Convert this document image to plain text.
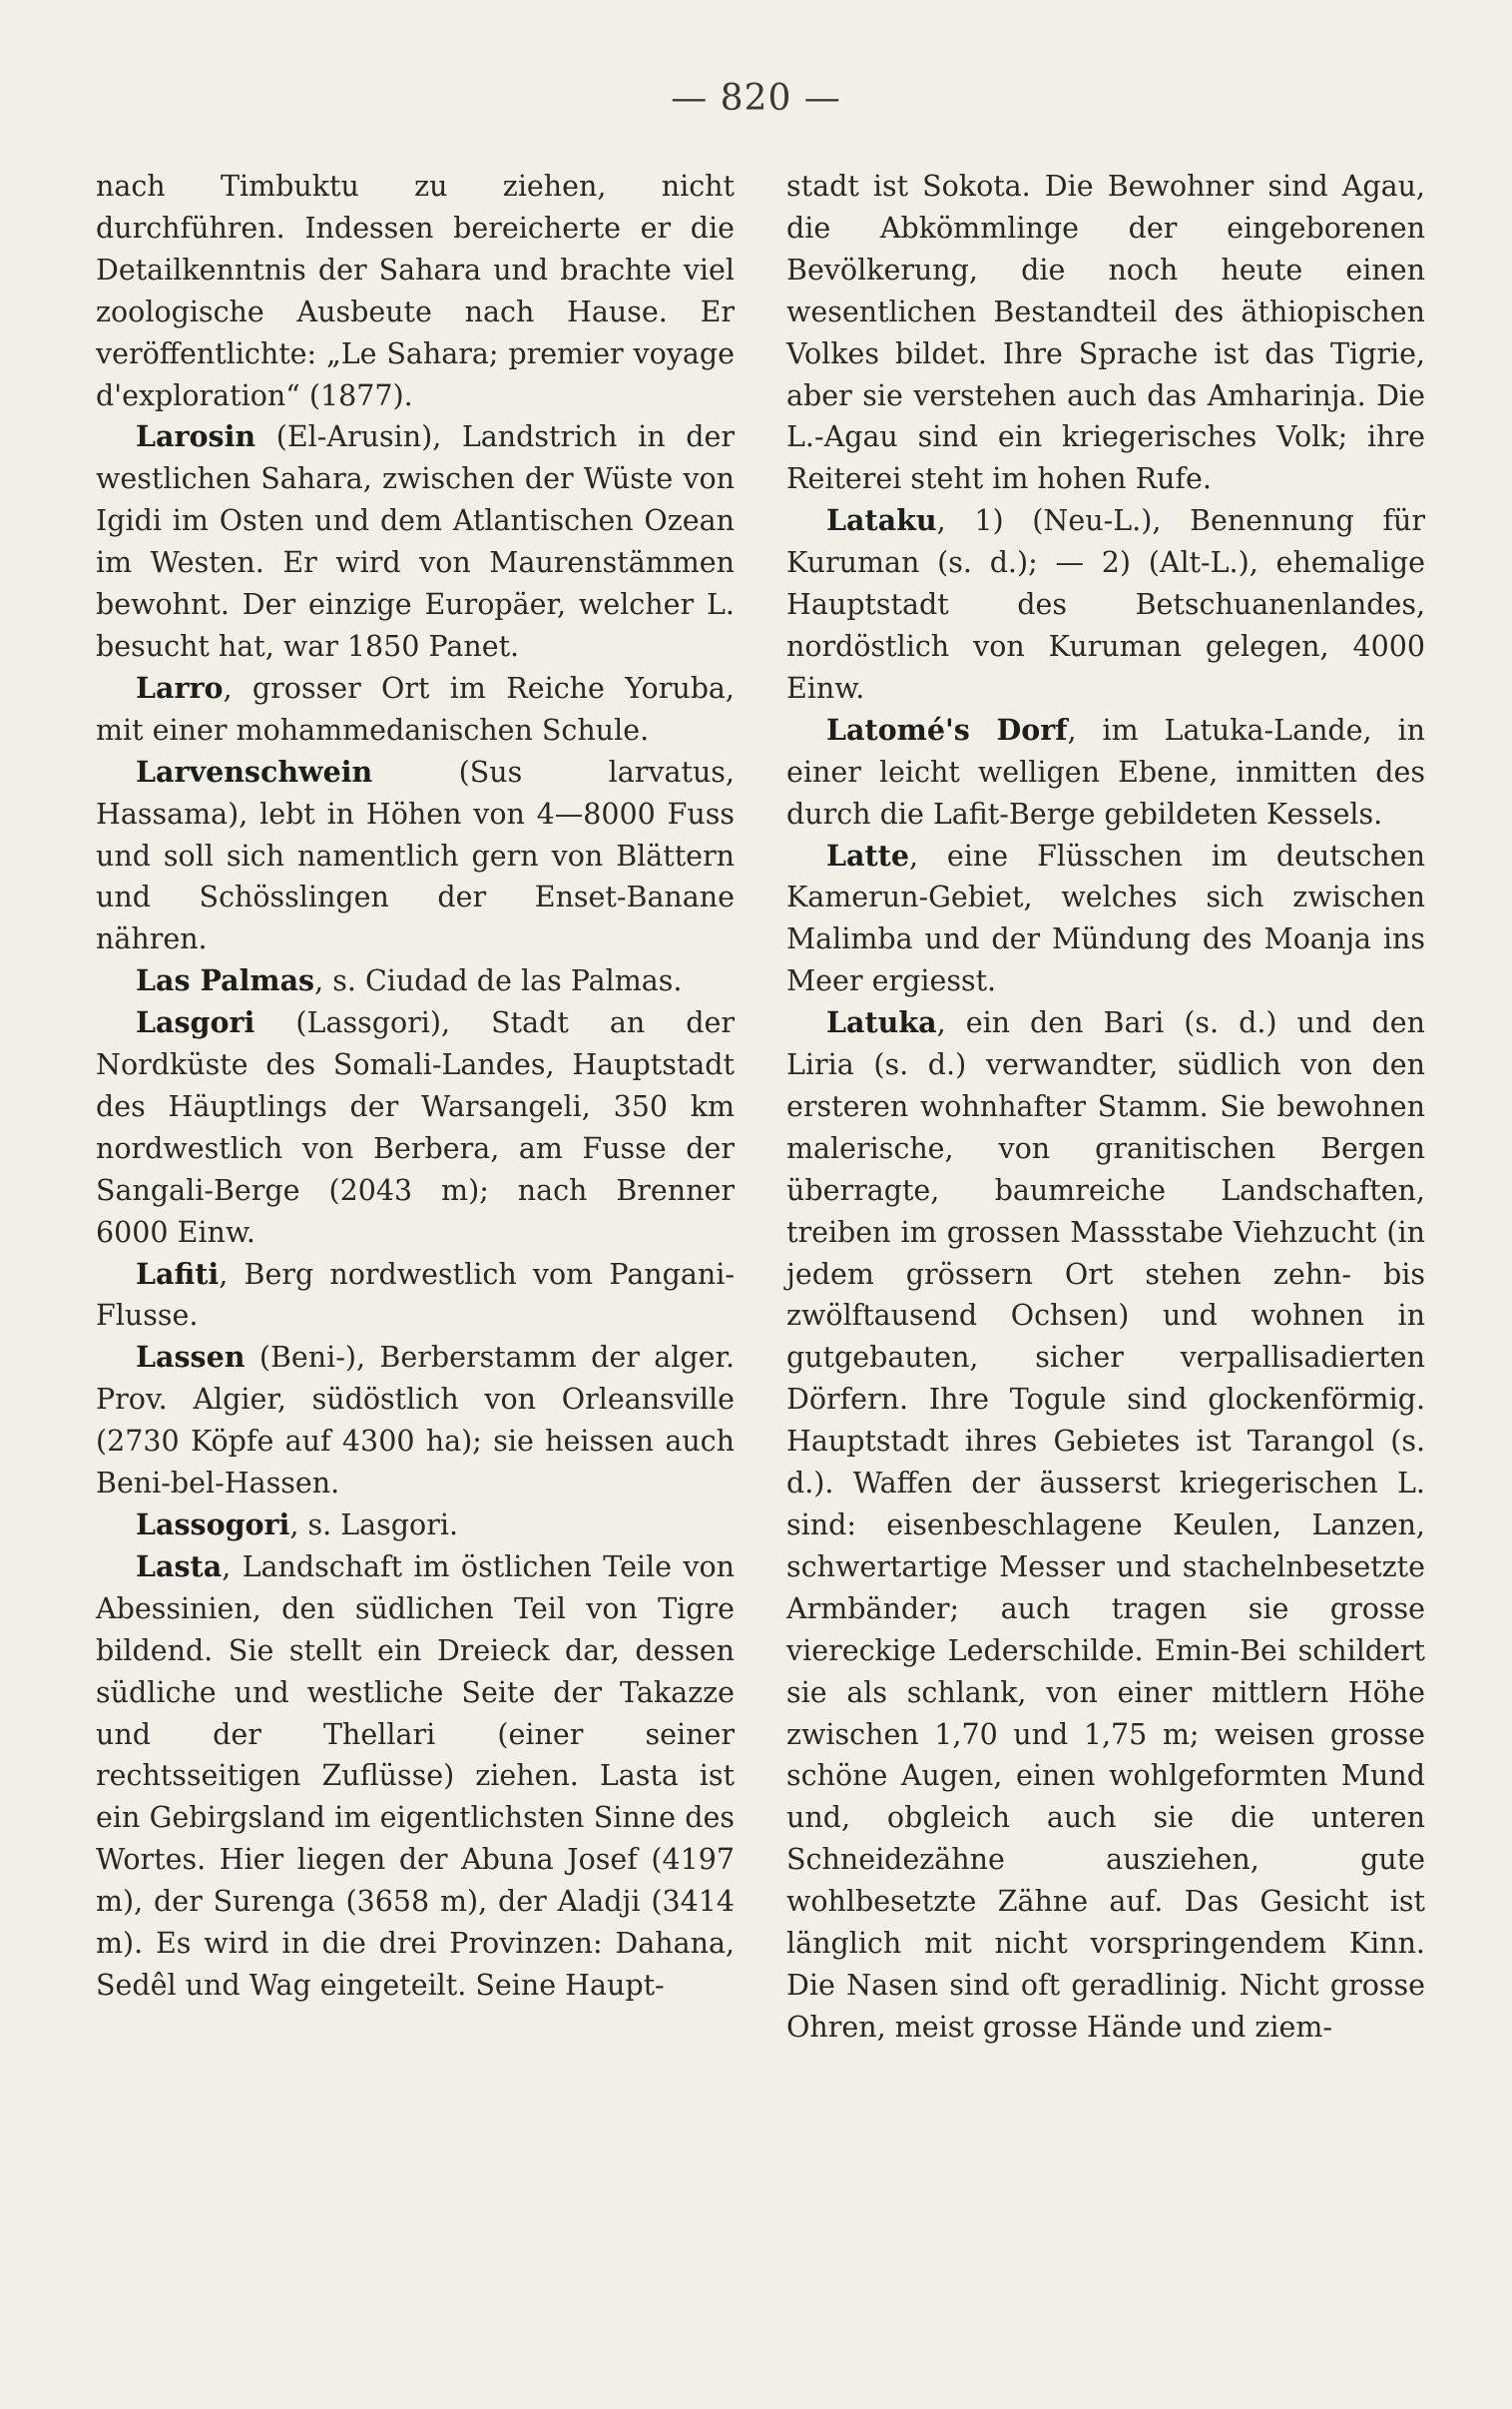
— 820 —

nach Timbuktu zu ziehen, nicht durchführen. Indessen bereicherte er die Detailkenntnis der Sahara und brachte viel zoologische Ausbeute nach Hause. Er veröffentlichte: „Le Sahara; premier voyage d'exploration“ (1877).

Larosin (El-Arusin), Landstrich in der westlichen Sahara, zwischen der Wüste von Igidi im Osten und dem Atlantischen Ozean im Westen. Er wird von Maurenstämmen bewohnt. Der einzige Europäer, welcher L. besucht hat, war 1850 Panet.

Larro, grosser Ort im Reiche Yoruba, mit einer mohammedanischen Schule.

Larvenschwein (Sus larvatus, Hassama), lebt in Höhen von 4—8000 Fuss und soll sich namentlich gern von Blättern und Schösslingen der Enset-Banane nähren.

Las Palmas, s. Ciudad de las Palmas.

Lasgori (Lassgori), Stadt an der Nordküste des Somali-Landes, Hauptstadt des Häuptlings der Warsangeli, 350 km nordwestlich von Berbera, am Fusse der Sangali-Berge (2043 m); nach Brenner 6000 Einw.

Lafiti, Berg nordwestlich vom Pangani-Flusse.

Lassen (Beni-), Berberstamm der alger. Prov. Algier, südöstlich von Orleansville (2730 Köpfe auf 4300 ha); sie heissen auch Beni-bel-Hassen.

Lassogori, s. Lasgori.

Lasta, Landschaft im östlichen Teile von Abessinien, den südlichen Teil von Tigre bildend. Sie stellt ein Dreieck dar, dessen südliche und westliche Seite der Takazze und der Thellari (einer seiner rechtsseitigen Zuflüsse) ziehen. Lasta ist ein Gebirgsland im eigentlichsten Sinne des Wortes. Hier liegen der Abuna Josef (4197 m), der Surenga (3658 m), der Aladji (3414 m). Es wird in die drei Provinzen: Dahana, Sedêl und Wag eingeteilt. Seine Haupt-

stadt ist Sokota. Die Bewohner sind Agau, die Abkömmlinge der eingeborenen Bevölkerung, die noch heute einen wesentlichen Bestandteil des äthiopischen Volkes bildet. Ihre Sprache ist das Tigrie, aber sie verstehen auch das Amharinja. Die L.-Agau sind ein kriegerisches Volk; ihre Reiterei steht im hohen Rufe.

Lataku, 1) (Neu-L.), Benennung für Kuruman (s. d.); — 2) (Alt-L.), ehemalige Hauptstadt des Betschuanenlandes, nordöstlich von Kuruman gelegen, 4000 Einw.

Latomé's Dorf, im Latuka-Lande, in einer leicht welligen Ebene, inmitten des durch die Lafit-Berge gebildeten Kessels.

Latte, eine Flüsschen im deutschen Kamerun-Gebiet, welches sich zwischen Malimba und der Mündung des Moanja ins Meer ergiesst.

Latuka, ein den Bari (s. d.) und den Liria (s. d.) verwandter, südlich von den ersteren wohnhafter Stamm. Sie bewohnen malerische, von granitischen Bergen überragte, baumreiche Landschaften, treiben im grossen Massstabe Viehzucht (in jedem grössern Ort stehen zehn- bis zwölftausend Ochsen) und wohnen in gutgebauten, sicher verpallisadierten Dörfern. Ihre Togule sind glockenförmig. Hauptstadt ihres Gebietes ist Tarangol (s. d.). Waffen der äusserst kriegerischen L. sind: eisenbeschlagene Keulen, Lanzen, schwertartige Messer und stachelnbesetzte Armbänder; auch tragen sie grosse viereckige Lederschilde. Emin-Bei schildert sie als schlank, von einer mittlern Höhe zwischen 1,70 und 1,75 m; weisen grosse schöne Augen, einen wohlgeformten Mund und, obgleich auch sie die unteren Schneidezähne ausziehen, gute wohlbesetzte Zähne auf. Das Gesicht ist länglich mit nicht vorspringendem Kinn. Die Nasen sind oft geradlinig. Nicht grosse Ohren, meist grosse Hände und ziem-
